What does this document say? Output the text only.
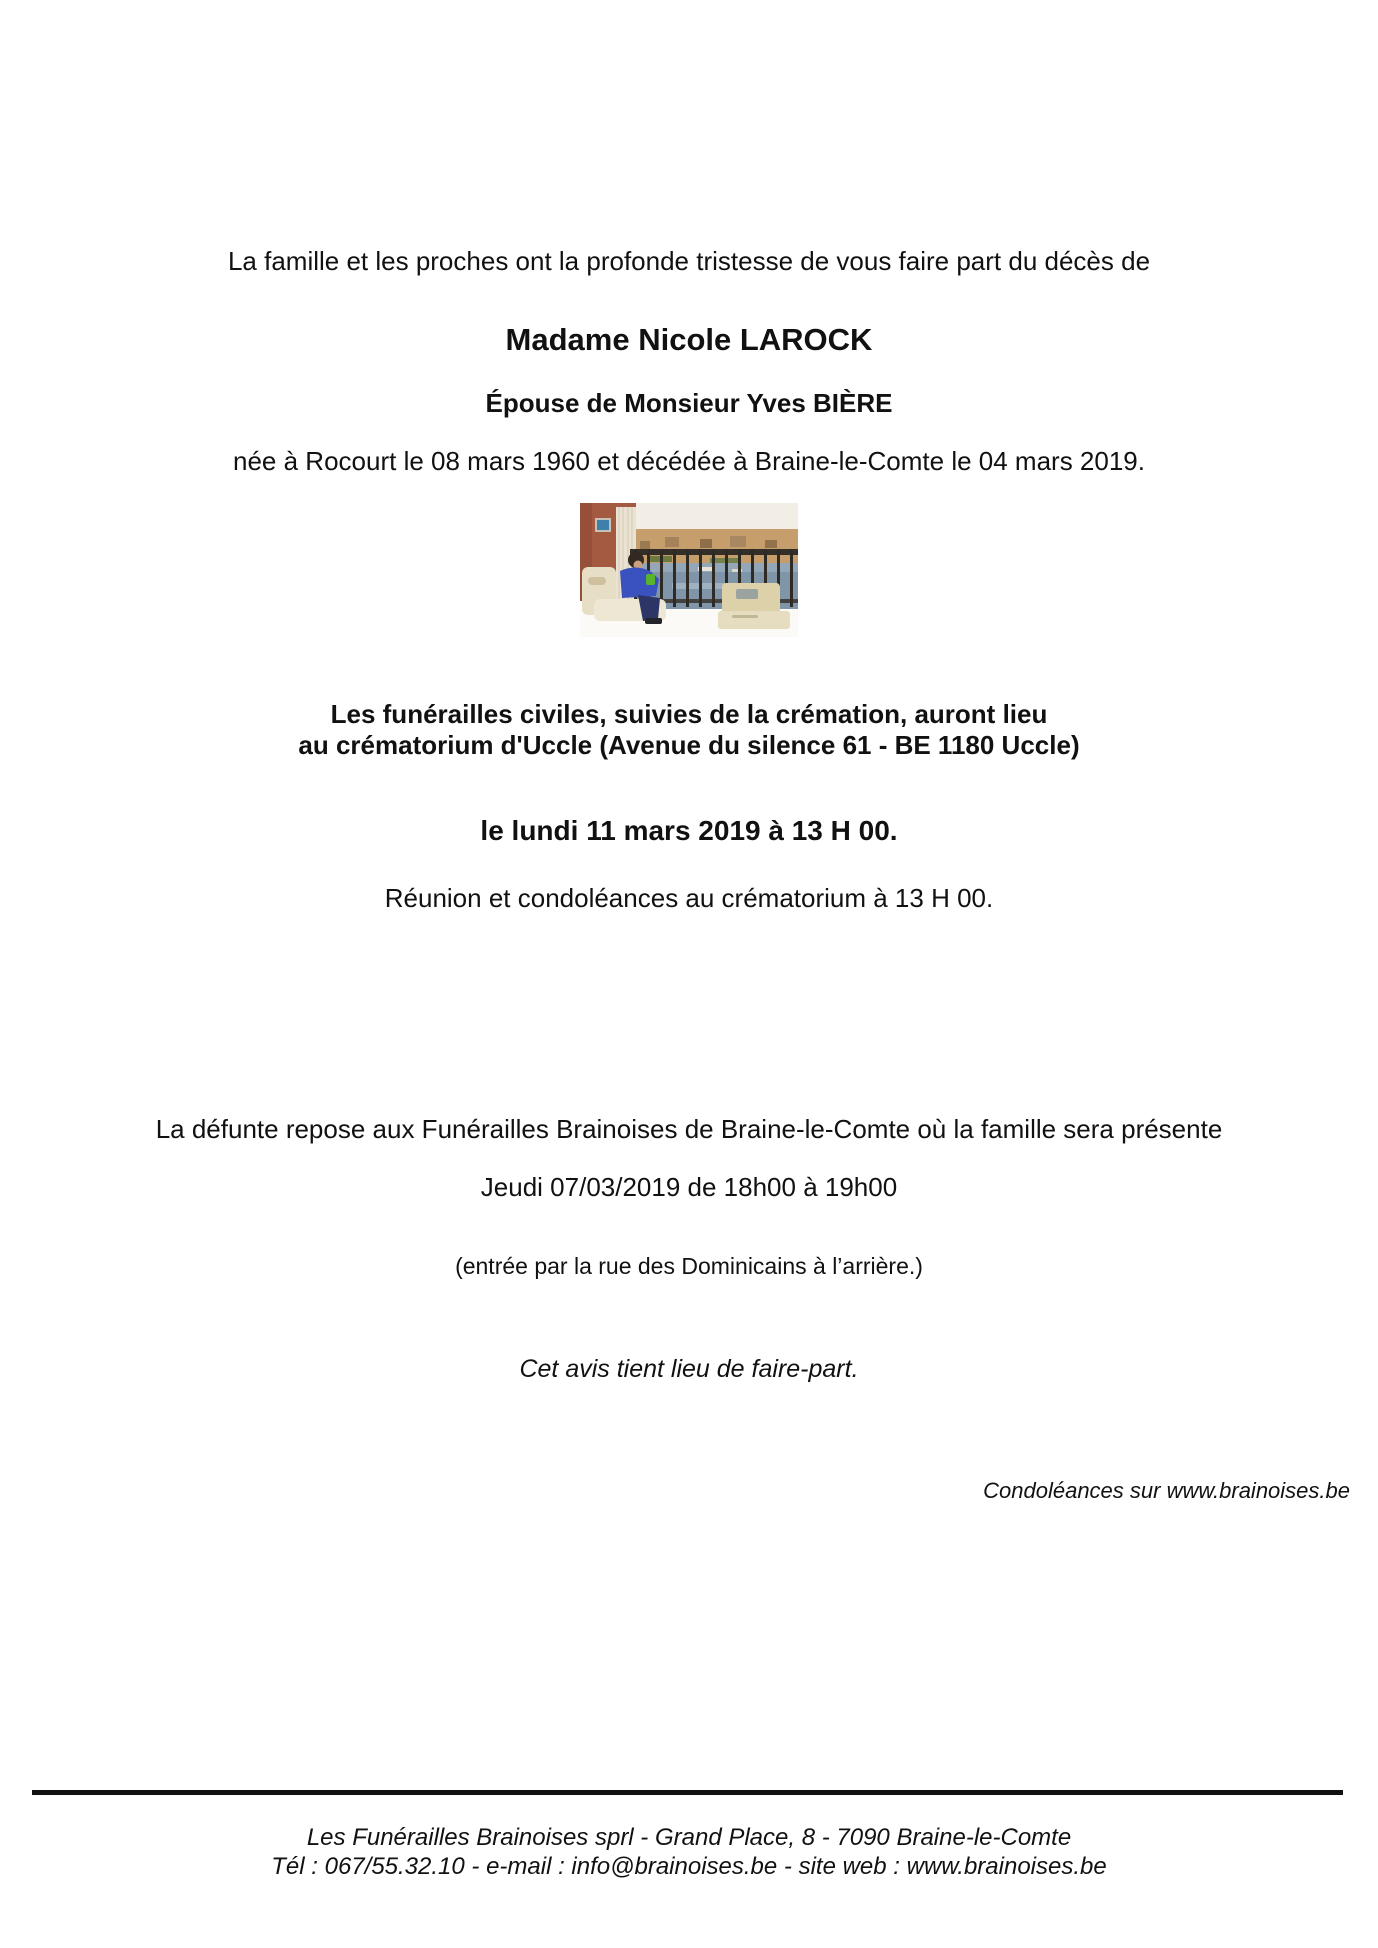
La famille et les proches ont la profonde tristesse de vous faire part du décès de

Madame Nicole LAROCK

Épouse de Monsieur Yves BIÈRE

née à Rocourt le 08 mars 1960 et décédée à Braine-le-Comte le 04 mars 2019.

Les funérailles civiles, suivies de la crémation, auront lieu
au crématorium d'Uccle (Avenue du silence 61 - BE 1180 Uccle)

le lundi 11 mars 2019 à 13 H 00.

Réunion et condoléances au crématorium à 13 H 00.

La défunte repose aux Funérailles Brainoises de Braine-le-Comte où la famille sera présente

Jeudi 07/03/2019 de 18h00 à 19h00

(entrée par la rue des Dominicains à l’arrière.)

Cet avis tient lieu de faire-part.

Condoléances sur www.brainoises.be

Les Funérailles Brainoises sprl - Grand Place, 8 - 7090 Braine-le-Comte

Tél : 067/55.32.10 - e-mail : info@brainoises.be - site web : www.brainoises.be
